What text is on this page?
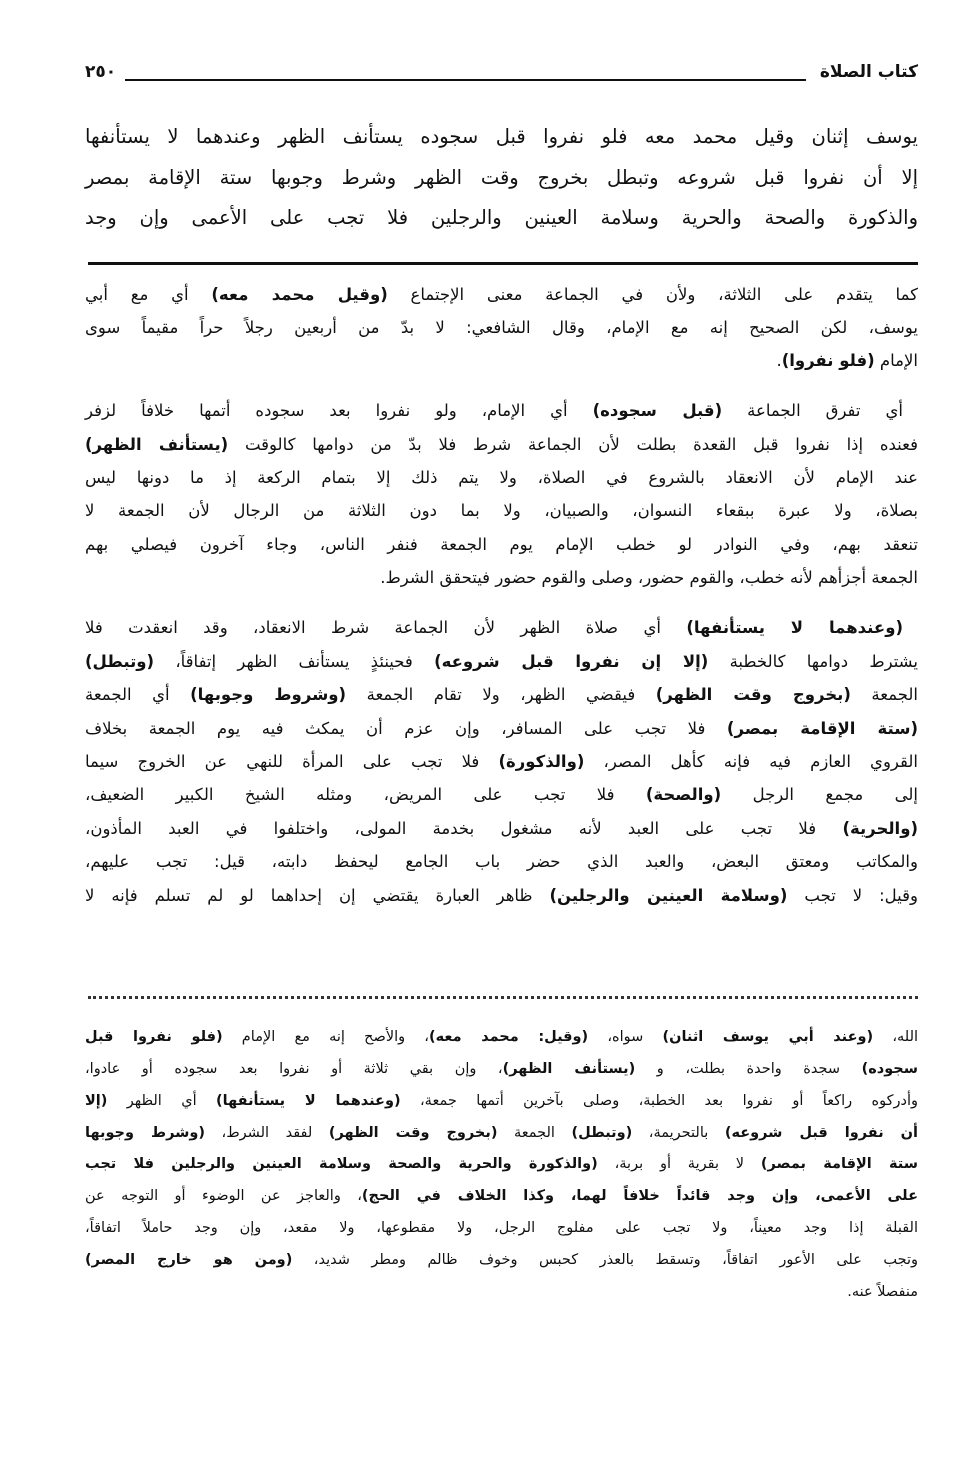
كتاب الصلاة
٢٥٠
يوسف إثنان وقيل محمد معه فلو نفروا قبل سجوده يستأنف الظهر وعندهما لا يستأنفها
إلا أن نفروا قبل شروعه وتبطل بخروج وقت الظهر وشرط وجوبها ستة الإقامة بمصر
والذكورة والصحة والحرية وسلامة العينين والرجلين فلا تجب على الأعمى وإن وجد
كما يتقدم على الثلاثة، ولأن في الجماعة معنى الإجتماع (وقيل محمد معه) أي مع أبي
يوسف، لكن الصحيح إنه مع الإمام، وقال الشافعي: لا بدّ من أربعين رجلاً حراً مقيماً سوى
الإمام (فلو نفروا).
أي تفرق الجماعة (قبل سجوده) أي الإمام، ولو نفروا بعد سجوده أتمها خلافاً لزفر
فعنده إذا نفروا قبل القعدة بطلت لأن الجماعة شرط فلا بدّ من دوامها كالوقت (يستأنف الظهر)
عند الإمام لأن الانعقاد بالشروع في الصلاة، ولا يتم ذلك إلا بتمام الركعة إذ ما دونها ليس
بصلاة، ولا عبرة ببقعاء النسوان، والصبيان، ولا بما دون الثلاثة من الرجال لأن الجمعة لا
تنعقد بهم، وفي النوادر لو خطب الإمام يوم الجمعة فنفر الناس، وجاء آخرون فيصلي بهم
الجمعة أجزأهم لأنه خطب، والقوم حضور، وصلى والقوم حضور فيتحقق الشرط.
(وعندهما لا يستأنفها) أي صلاة الظهر لأن الجماعة شرط الانعقاد، وقد انعقدت فلا
يشترط دوامها كالخطبة (إلا إن نفروا قبل شروعه) فحينئذٍ يستأنف الظهر إتفاقاً، (وتبطل)
الجمعة (بخروج وقت الظهر) فيقضي الظهر، ولا تقام الجمعة (وشروط وجوبها) أي الجمعة
(ستة الإقامة بمصر) فلا تجب على المسافر، وإن عزم أن يمكث فيه يوم الجمعة بخلاف
القروي العازم فيه فإنه كأهل المصر، (والذكورة) فلا تجب على المرأة للنهي عن الخروج سيما
إلى مجمع الرجل (والصحة) فلا تجب على المريض، ومثله الشيخ الكبير الضعيف،
(والحرية) فلا تجب على العبد لأنه مشغول بخدمة المولى، واختلفوا في العبد المأذون،
والمكاتب ومعتق البعض، والعبد الذي حضر باب الجامع ليحفظ دابته، قيل: تجب عليهم،
وقيل: لا تجب (وسلامة العينين والرجلين) ظاهر العبارة يقتضي إن إحداهما لو لم تسلم فإنه لا
الله، (وعند أبي يوسف اثنان) سواه، (وقيل: محمد معه)، والأصح إنه مع الإمام (فلو نفروا قبل
سجوده) سجدة واحدة بطلت، و (يستأنف الظهر)، وإن بقي ثلاثة أو نفروا بعد سجوده أو عادوا،
وأدركوه راكعاً أو نفروا بعد الخطبة، وصلى بآخرين أتمها جمعة، (وعندهما لا يستأنفها) أي الظهر (إلا
أن نفروا قبل شروعه) بالتحريمة، (وتبطل) الجمعة (بخروج وقت الظهر) لفقد الشرط، (وشرط وجوبها
ستة الإقامة بمصر) لا بقرية أو بربة، (والذكورة والحرية والصحة وسلامة العينين والرجلين فلا تجب
على الأعمى، وإن وجد قائداً خلافاً لهما، وكذا الخلاف في الحج)، والعاجز عن الوضوء أو التوجه عن
القبلة إذا وجد معيناً، ولا تجب على مفلوج الرجل، ولا مقطوعها، ولا مقعد، وإن وجد حاملاً اتفاقاً،
وتجب على الأعور اتفاقاً، وتسقط بالعذر كحبس وخوف ظالم ومطر شديد، (ومن هو خارج المصر)
منفصلاً عنه.
